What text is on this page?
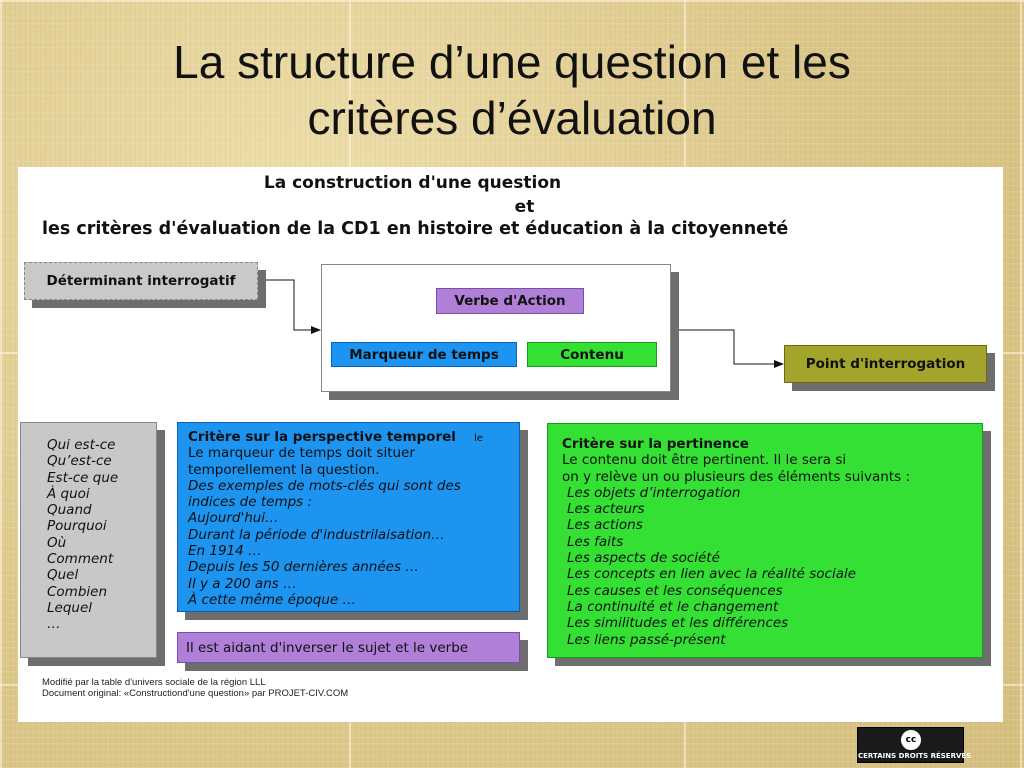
La structure d’une question et les
critères d’évaluation
La construction d'une question
et
les critères d'évaluation de la CD1 en histoire et éducation à la citoyenneté
Déterminant interrogatif
Verbe d'Action
Marqueur de temps	Contenu
Point d'interrogation
Qui est-ce
Qu’est-ce
Est-ce que
À quoi
Quand
Pourquoi
Où
Comment
Quel
Combien
Lequel
…
Critère sur la perspective temporel
Le marqueur de temps doit situer
temporellement la question.
Des exemples de mots-clés qui sont des
indices de temps :
Aujourd'hui…
Durant la période d'industrilaisation…
En 1914 …
Depuis les 50 dernières années …
Il y a 200 ans …
À cette même époque …
le
Il est aidant d'inverser le sujet et le verbe
Critère sur la pertinence
Le contenu doit être pertinent. Il le sera si
on y relève un ou plusieurs des éléments suivants :
Les objets d’interrogation
Les acteurs
Les actions
Les faits
Les aspects de société
Les concepts en lien avec la réalité sociale
Les causes et les conséquences
La continuité et le changement
Les similitudes et les différences
Les liens passé-présent
Modifié par la table d'univers sociale de la région LLL
Document original: «Constructiond'une question» par PROJET-CIV.COM
cc
CERTAINS DROITS RÉSERVÉS
